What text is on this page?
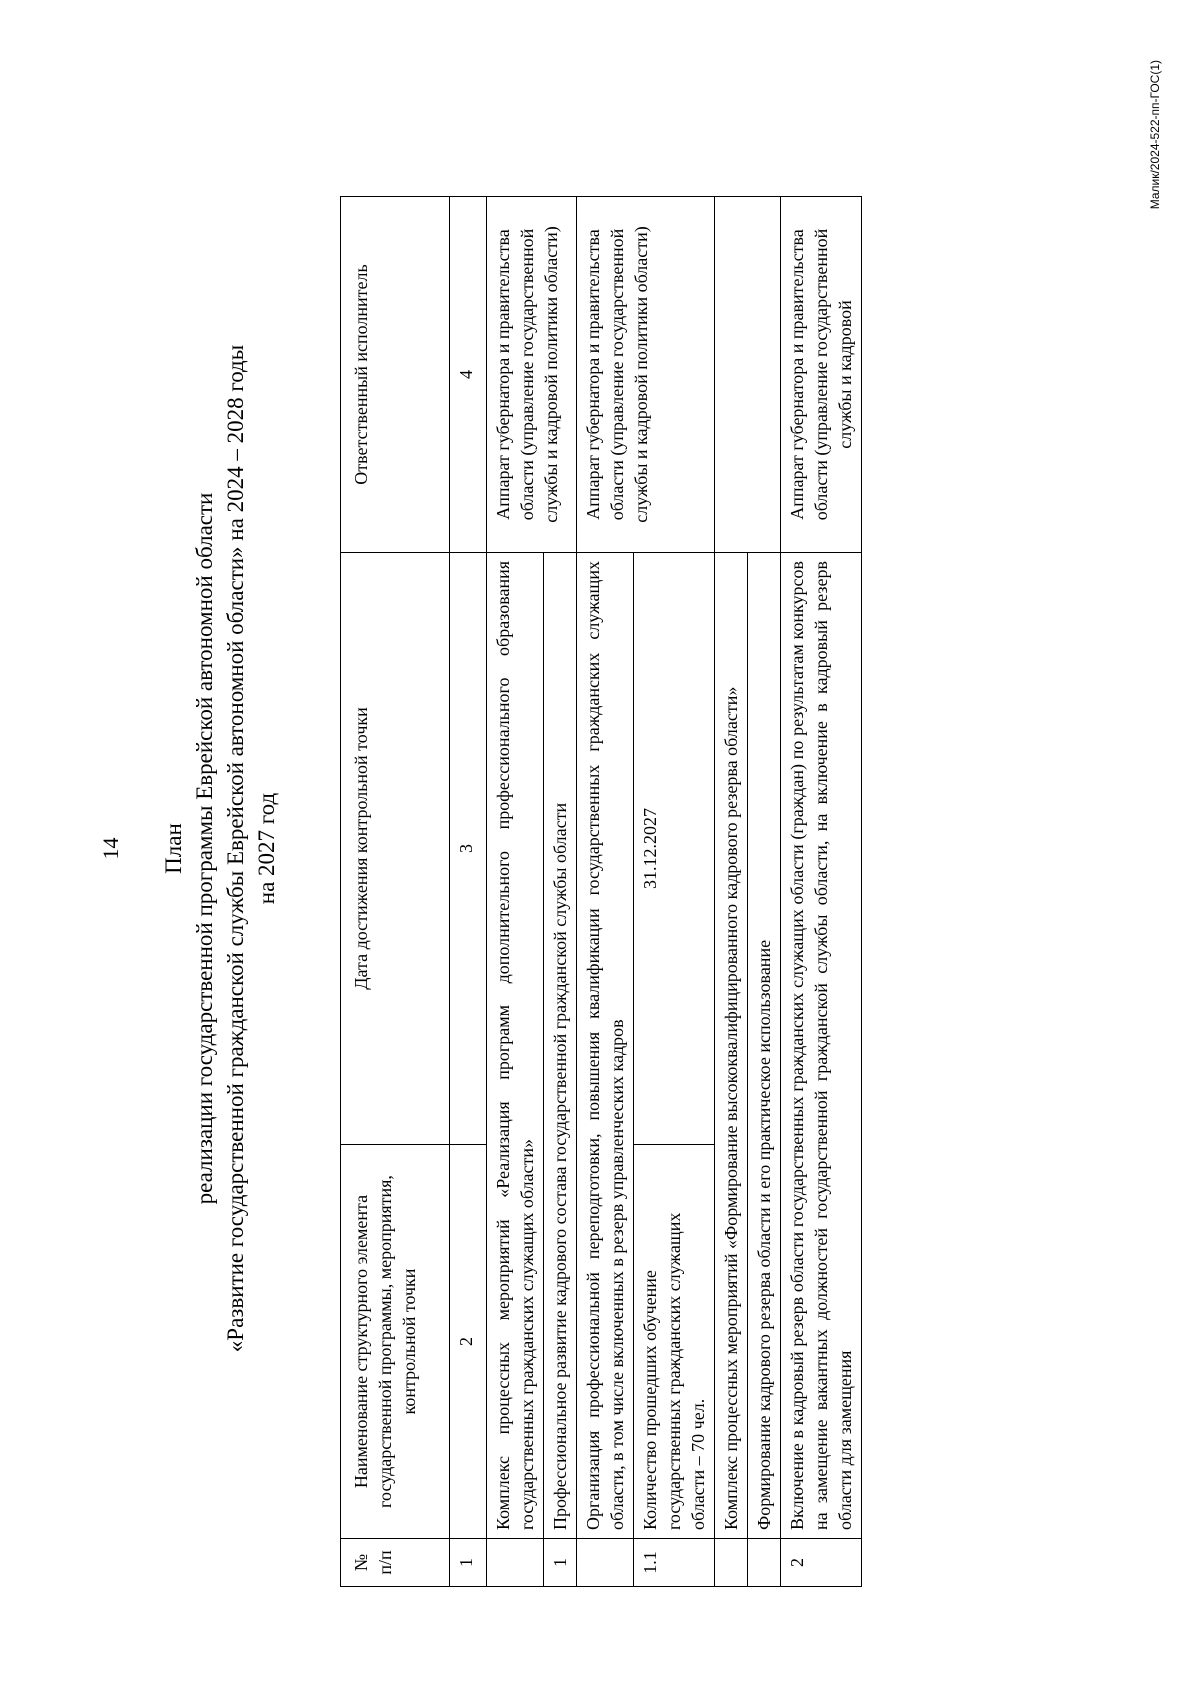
14 План реализации государственной программы Еврейской автономной области «Развитие государственной гражданской службы Еврейской автономной области» на 2024 – 2028 годы на 2027 год
№ п/п	Наименование структурного элемента государственной программы, мероприятия, контрольной точки	Дата достижения контрольной точки	Ответственный исполнитель
1	2	3	4
	Комплекс процессных мероприятий «Реализация программ дополнительного профессионального образования государственных гражданских служащих области»		Аппарат губернатора и правительства области (управление государственной службы и кадровой политики области)
1	Профессиональное развитие кадрового состава государственной гражданской службы области		
	Организация профессиональной переподготовки, повышения квалификации государственных гражданских служащих области, в том числе включенных в резерв управленческих кадров		Аппарат губернатора и правительства области (управление государственной службы и кадровой политики области)
1.1	Количество прошедших обучение государственных гражданских служащих области – 70 чел.	31.12.2027	
	Комплекс процессных мероприятий «Формирование высококвалифицированного кадрового резерва области»		
	Формирование кадрового резерва области и его практическое использование		
2	Включение в кадровый резерв области государственных гражданских служащих области (граждан) по результатам конкурсов на замещение вакантных должностей государственной гражданской службы области, на включение в кадровый резерв области для замещения		Аппарат губернатора и правительства области (управление государственной службы и кадровой
Малик/2024-522-пп-ГОС(1)
